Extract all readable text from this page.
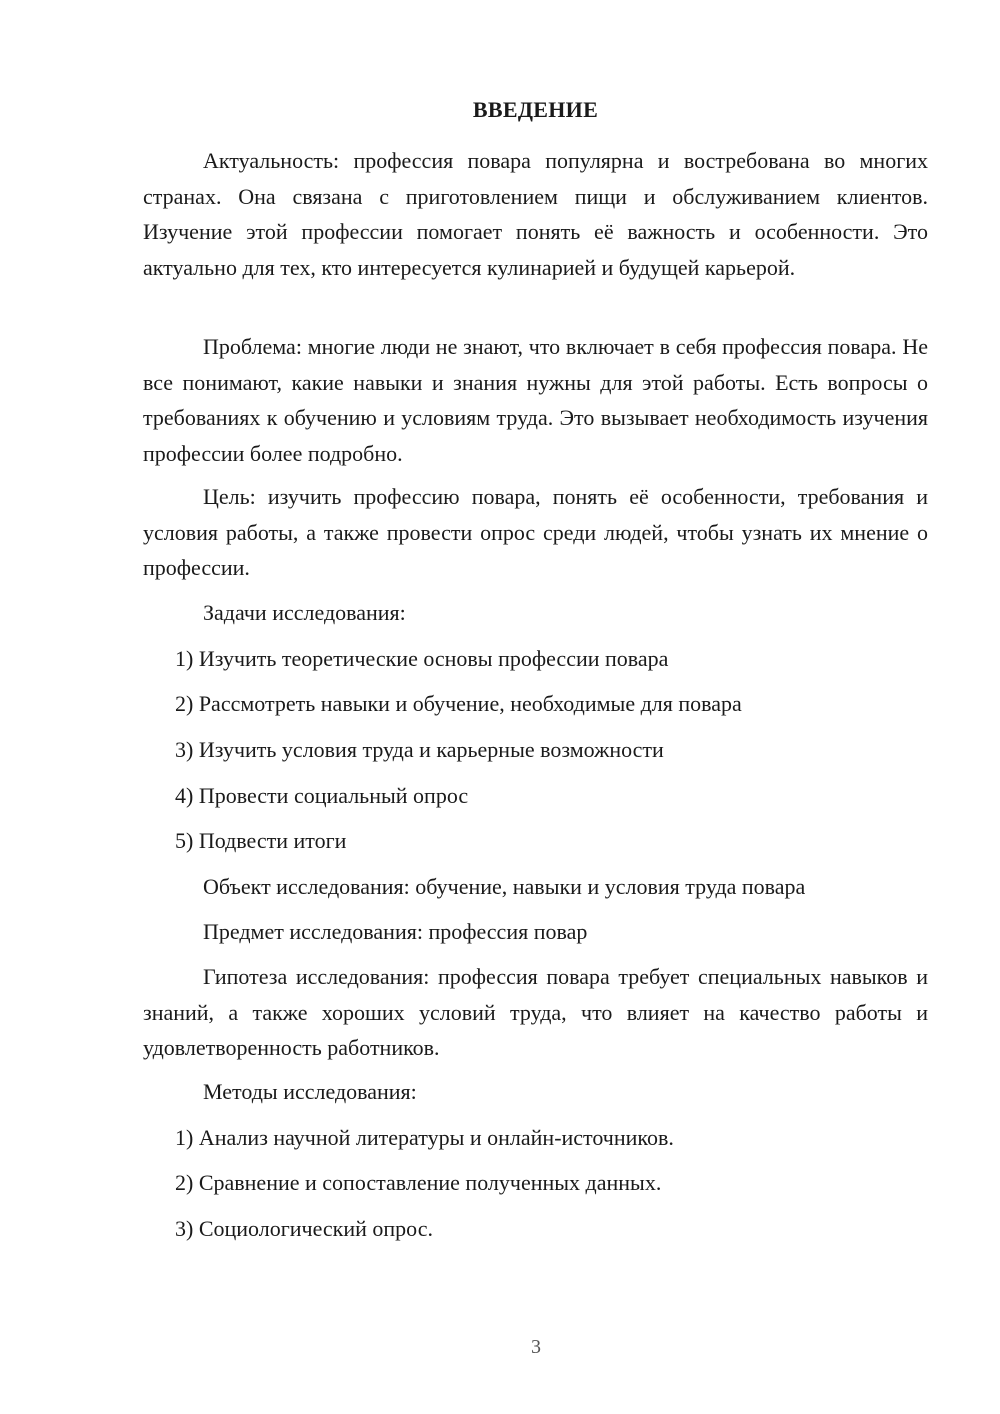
ВВЕДЕНИЕ

Актуальность: профессия повара популярна и востребована во многих странах. Она связана с приготовлением пищи и обслуживанием клиентов. Изучение этой профессии помогает понять её важность и особенности. Это актуально для тех, кто интересуется кулинарией и будущей карьерой.

Проблема: многие люди не знают, что включает в себя профессия повара. Не все понимают, какие навыки и знания нужны для этой работы. Есть вопросы о требованиях к обучению и условиям труда. Это вызывает необходимость изучения профессии более подробно.

Цель: изучить профессию повара, понять её особенности, требования и условия работы, а также провести опрос среди людей, чтобы узнать их мнение о профессии.

Задачи исследования:

1) Изучить теоретические основы профессии повара

2) Рассмотреть навыки и обучение, необходимые для повара

3) Изучить условия труда и карьерные возможности

4) Провести социальный опрос

5) Подвести итоги

Объект исследования: обучение, навыки и условия труда повара

Предмет исследования: профессия повар

Гипотеза исследования: профессия повара требует специальных навыков и знаний, а также хороших условий труда, что влияет на качество работы и удовлетворенность работников.

Методы исследования:

1) Анализ научной литературы и онлайн-источников.

2) Сравнение и сопоставление полученных данных.

3) Социологический опрос.

3
